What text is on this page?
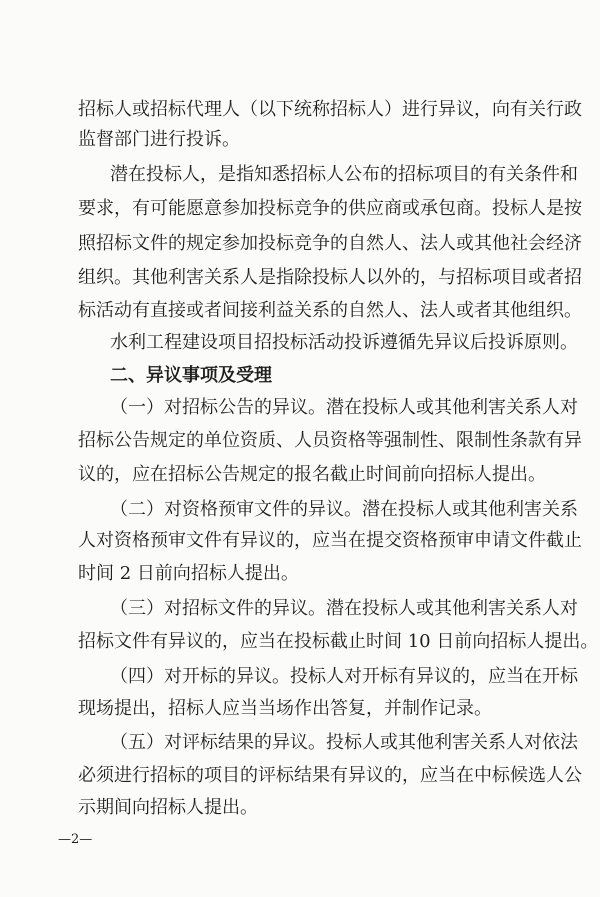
招标人或招标代理人（以下统称招标人）进行异议，向有关行政
监督部门进行投诉。
潜在投标人，是指知悉招标人公布的招标项目的有关条件和
要求，有可能愿意参加投标竞争的供应商或承包商。投标人是按
照招标文件的规定参加投标竞争的自然人、法人或其他社会经济
组织。其他利害关系人是指除投标人以外的，与招标项目或者招
标活动有直接或者间接利益关系的自然人、法人或者其他组织。
水利工程建设项目招投标活动投诉遵循先异议后投诉原则。
二、异议事项及受理
（一）对招标公告的异议。潜在投标人或其他利害关系人对
招标公告规定的单位资质、人员资格等强制性、限制性条款有异
议的，应在招标公告规定的报名截止时间前向招标人提出。
（二）对资格预审文件的异议。潜在投标人或其他利害关系
人对资格预审文件有异议的，应当在提交资格预审申请文件截止
时间 2 日前向招标人提出。
（三）对招标文件的异议。潜在投标人或其他利害关系人对
招标文件有异议的，应当在投标截止时间 10 日前向招标人提出。
（四）对开标的异议。投标人对开标有异议的，应当在开标
现场提出，招标人应当当场作出答复，并制作记录。
（五）对评标结果的异议。投标人或其他利害关系人对依法
必须进行招标的项目的评标结果有异议的，应当在中标候选人公
示期间向招标人提出。
—2—
